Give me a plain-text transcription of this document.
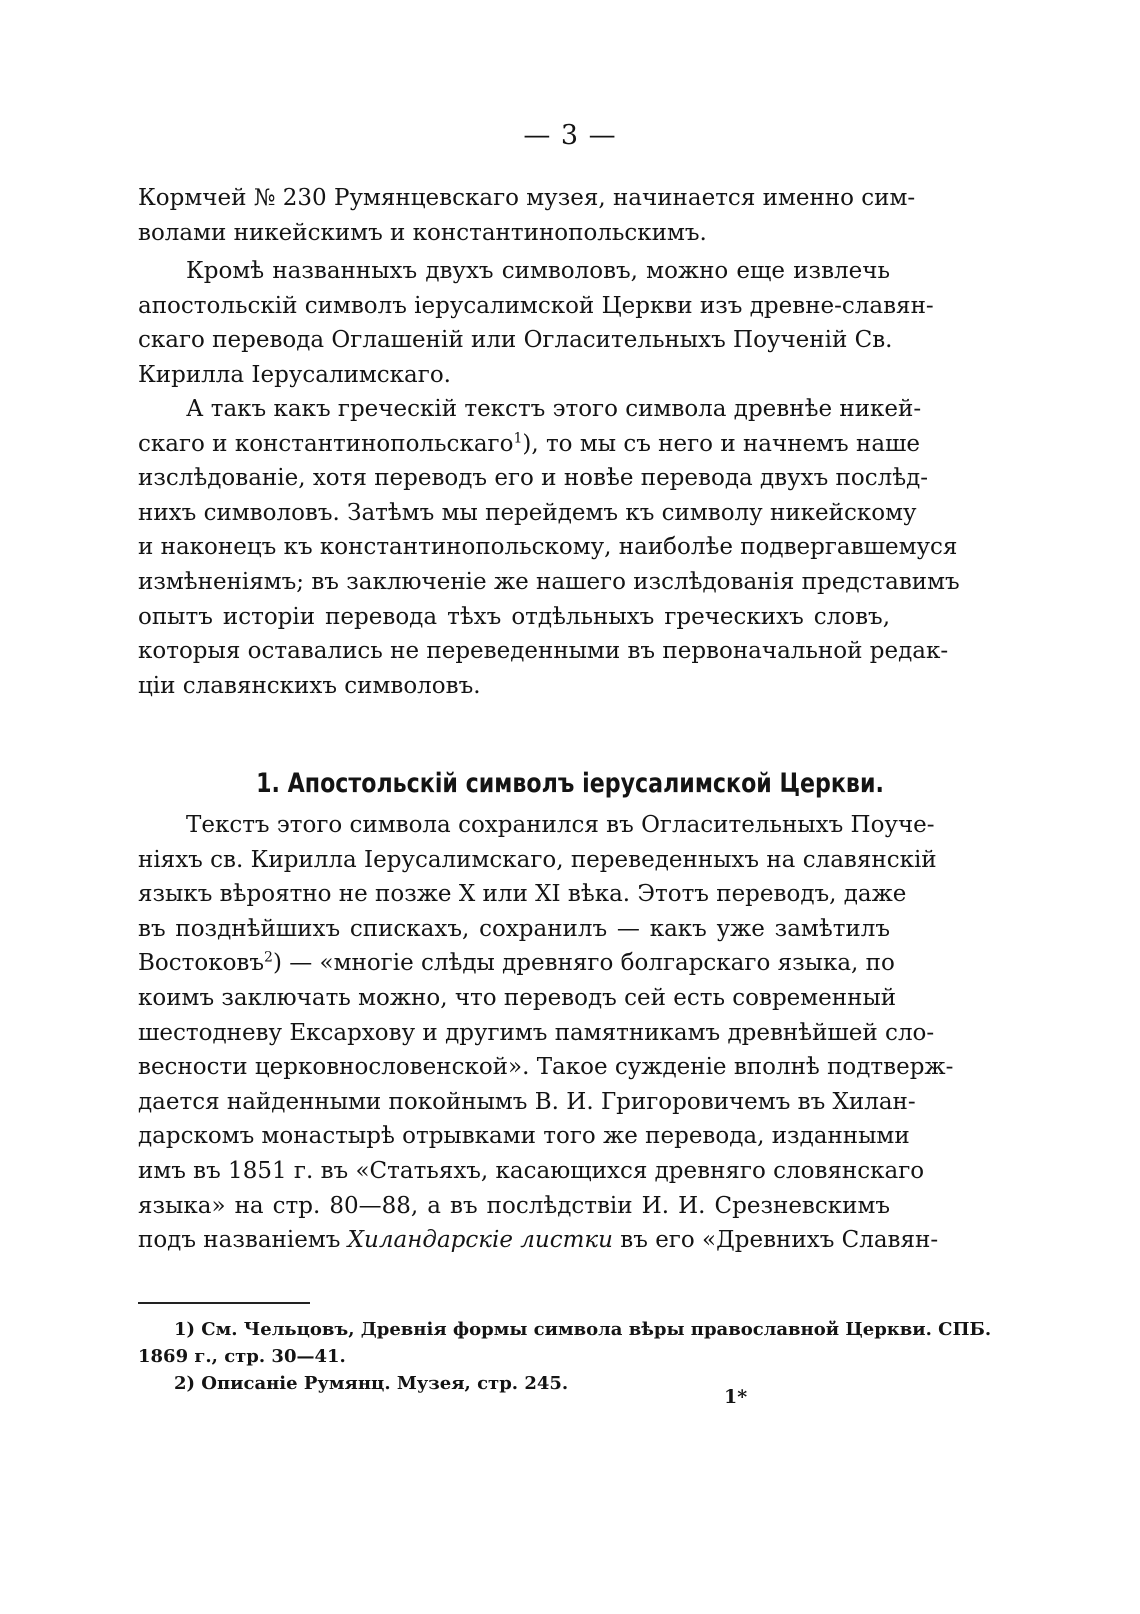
— 3 —
Кормчей № 230 Румянцевскаго музея, начинается именно сим-
волами никейскимъ и константинопольскимъ.
Кромѣ названныхъ двухъ символовъ, можно еще извлечь
апостольскій символъ іерусалимской Церкви изъ древне-славян-
скаго перевода Оглашеній или Огласительныхъ Поученій Св.
Кирилла Іерусалимскаго.
А такъ какъ греческій текстъ этого символа древнѣе никей-
скаго и константинопольскаго$^1$), то мы съ него и начнемъ наше
изслѣдованіе, хотя переводъ его и новѣе перевода двухъ послѣд-
нихъ символовъ. Затѣмъ мы перейдемъ къ символу никейскому
и наконецъ къ константинопольскому, наиболѣе подвергавшемуся
измѣненіямъ; въ заключеніе же нашего изслѣдованія представимъ
опытъ исторіи перевода тѣхъ отдѣльныхъ греческихъ словъ,
которыя оставались не переведенными въ первоначальной редак-
ціи славянскихъ символовъ.
1. Апостольскій символъ іерусалимской Церкви.
Текстъ этого символа сохранился въ Огласительныхъ Поуче-
ніяхъ св. Кирилла Іерусалимскаго, переведенныхъ на славянскій
языкъ вѣроятно не позже X или XI вѣка. Этотъ переводъ, даже
въ позднѣйшихъ спискахъ, сохранилъ — какъ уже замѣтилъ
Востоковъ$^2$) — «многіе слѣды древняго болгарскаго языка, по
коимъ заключать можно, что переводъ сей есть современный
шестодневу Ексархову и другимъ памятникамъ древнѣйшей сло-
весности церковнословенской». Такое сужденіе вполнѣ подтверж-
дается найденными покойнымъ В. И. Григоровичемъ въ Хилан-
дарскомъ монастырѣ отрывками того же перевода, изданными
имъ въ 1851 г. въ «Статьяхъ, касающихся древняго словянскаго
языка» на стр. 80—88, а въ послѣдствіи И. И. Срезневскимъ
подъ названіемъ Хиландарскіе листки въ его «Древнихъ Славян-
1) См. Чельцовъ, Древнія формы символа вѣры православной Церкви. СПБ.
1869 г., стр. 30—41.
2) Описаніе Румянц. Музея, стр. 245.
1*
